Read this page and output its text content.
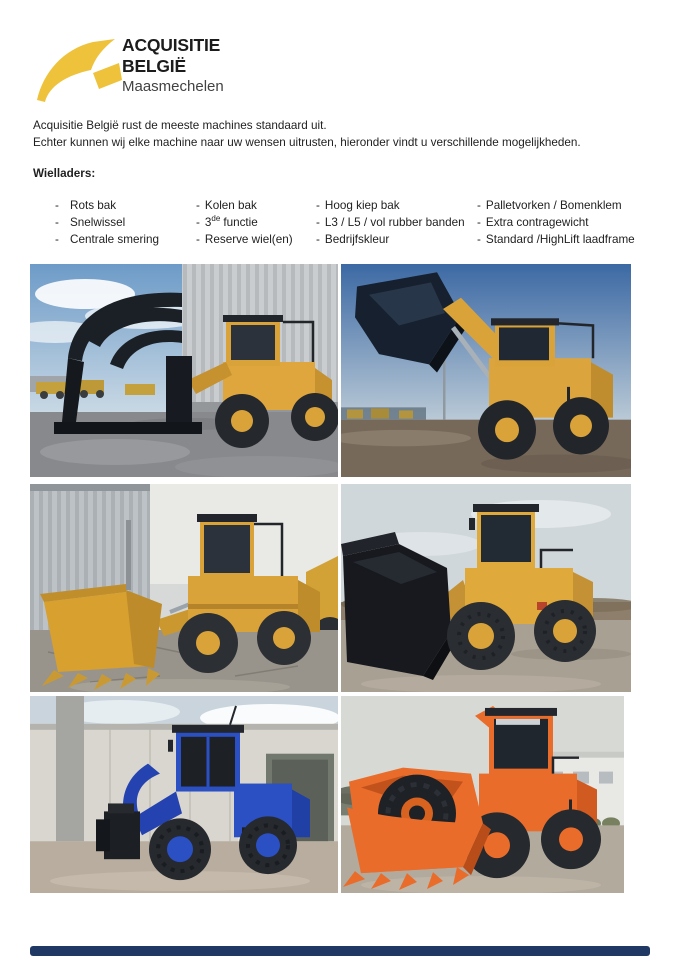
ACQUISITIE
BELGIË
Maasmechelen
Acquisitie België rust de meeste machines standaard uit.
Echter kunnen wij elke machine naar uw wensen uitrusten, hieronder vindt u verschillende mogelijkheden.
Wielladers:
- Rots bak
- Snelwissel
- Centrale smering
- Kolen bak
- 3de functie
- Reserve wiel(en)
- Hoog kiep bak
- L3 / L5 / vol rubber banden
- Bedrijfskleur
- Palletvorken / Bomenklem
- Extra contragewicht
- Standard /HighLift laadframe
